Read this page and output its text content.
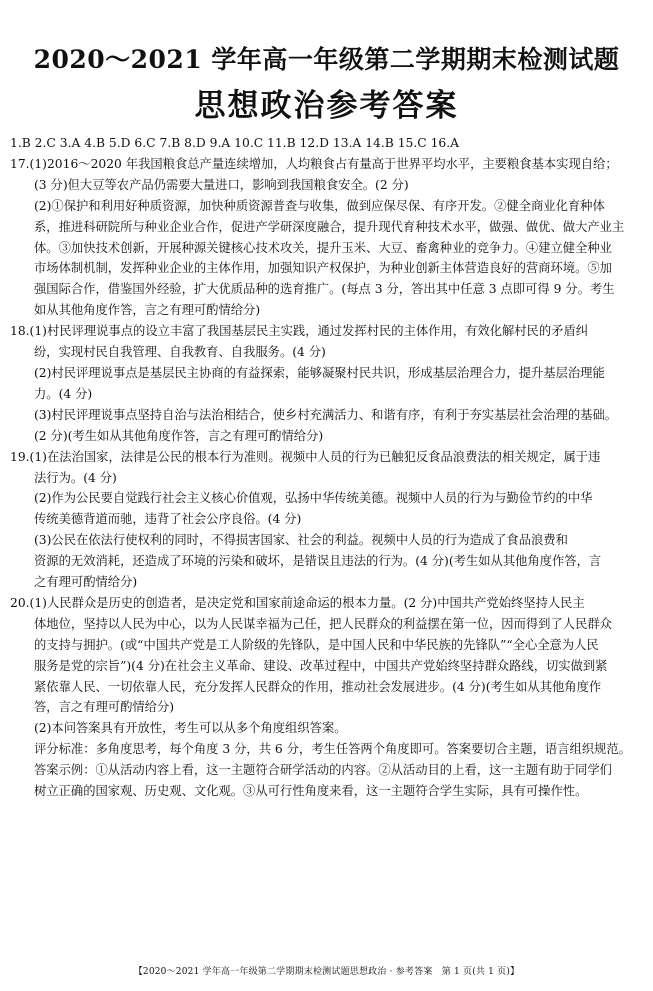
2020～2021 学年高一年级第二学期期末检测试题
思想政治参考答案
1.B 2.C 3.A 4.B 5.D 6.C 7.B 8.D 9.A 10.C 11.B 12.D 13.A 14.B 15.C 16.A
17.(1)2016～2020 年我国粮食总产量连续增加，人均粮食占有量高于世界平均水平，主要粮食基本实现自给；
(3 分)但大豆等农产品仍需要大量进口，影响到我国粮食安全。(2 分)
(2)①保护和利用好种质资源，加快种质资源普查与收集，做到应保尽保、有序开发。②健全商业化育种体
系，推进科研院所与种业企业合作，促进产学研深度融合，提升现代育种技术水平，做强、做优、做大产业主
体。③加快技术创新，开展种源关键核心技术攻关，提升玉米、大豆、畜禽种业的竞争力。④建立健全种业
市场体制机制，发挥种业企业的主体作用，加强知识产权保护，为种业创新主体营造良好的营商环境。⑤加
强国际合作，借鉴国外经验，扩大优质品种的选育推广。(每点 3 分，答出其中任意 3 点即可得 9 分。考生
如从其他角度作答，言之有理可酌情给分)
18.(1)村民评理说事点的设立丰富了我国基层民主实践，通过发挥村民的主体作用，有效化解村民的矛盾纠
纷，实现村民自我管理、自我教育、自我服务。(4 分)
(2)村民评理说事点是基层民主协商的有益探索，能够凝聚村民共识，形成基层治理合力，提升基层治理能
力。(4 分)
(3)村民评理说事点坚持自治与法治相结合，使乡村充满活力、和谐有序，有利于夯实基层社会治理的基础。
(2 分)(考生如从其他角度作答，言之有理可酌情给分)
19.(1)在法治国家，法律是公民的根本行为准则。视频中人员的行为已触犯反食品浪费法的相关规定，属于违
法行为。(4 分)
(2)作为公民要自觉践行社会主义核心价值观，弘扬中华传统美德。视频中人员的行为与勤俭节约的中华
传统美德背道而驰，违背了社会公序良俗。(4 分)
(3)公民在依法行使权利的同时，不得损害国家、社会的利益。视频中人员的行为造成了食品浪费和
资源的无效消耗，还造成了环境的污染和破坏，是错误且违法的行为。(4 分)(考生如从其他角度作答，言
之有理可酌情给分)
20.(1)人民群众是历史的创造者，是决定党和国家前途命运的根本力量。(2 分)中国共产党始终坚持人民主
体地位，坚持以人民为中心，以为人民谋幸福为己任，把人民群众的利益摆在第一位，因而得到了人民群众
的支持与拥护。(或“中国共产党是工人阶级的先锋队，是中国人民和中华民族的先锋队”“全心全意为人民
服务是党的宗旨”)(4 分)在社会主义革命、建设、改革过程中，中国共产党始终坚持群众路线，切实做到紧
紧依靠人民、一切依靠人民，充分发挥人民群众的作用，推动社会发展进步。(4 分)(考生如从其他角度作
答，言之有理可酌情给分)
(2)本问答案具有开放性，考生可以从多个角度组织答案。
评分标准：多角度思考，每个角度 3 分，共 6 分，考生任答两个角度即可。答案要切合主题，语言组织规范。
答案示例：①从活动内容上看，这一主题符合研学活动的内容。②从活动目的上看，这一主题有助于同学们
树立正确的国家观、历史观、文化观。③从可行性角度来看，这一主题符合学生实际，具有可操作性。
【2020～2021 学年高一年级第二学期期末检测试题思想政治 · 参考答案　第 1 页(共 1 页)】
